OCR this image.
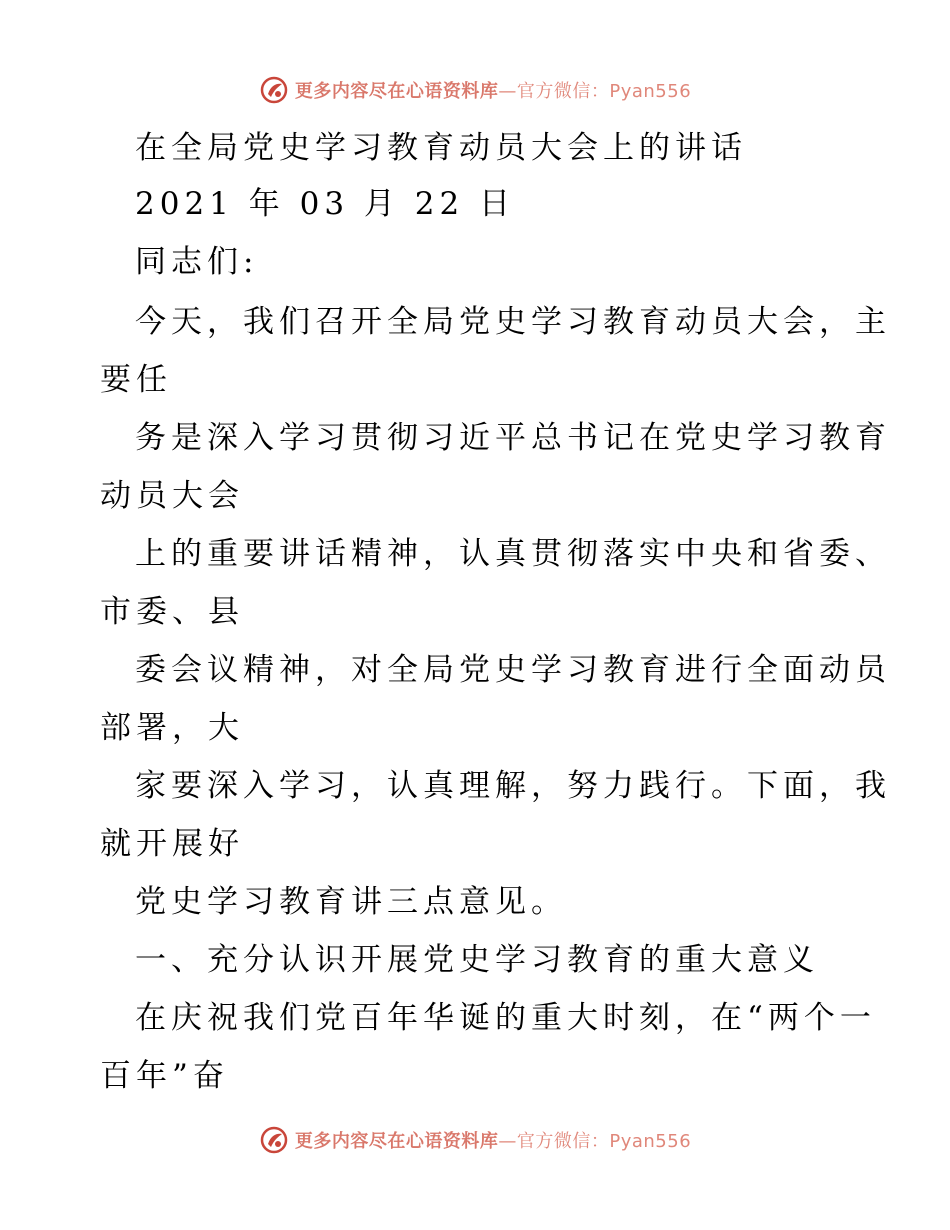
更多内容尽在心语资料库—官方微信：Pyan556
在全局党史学习教育动员大会上的讲话
2021 年 03 月 22 日
同志们:
今天，我们召开全局党史学习教育动员大会，主
要任
务是深入学习贯彻习近平总书记在党史学习教育
动员大会
上的重要讲话精神，认真贯彻落实中央和省委、
市委、县
委会议精神，对全局党史学习教育进行全面动员
部署，大
家要深入学习，认真理解，努力践行。下面，我
就开展好
党史学习教育讲三点意见。
一、充分认识开展党史学习教育的重大意义
在庆祝我们党百年华诞的重大时刻，在“两个一
百年”奋
更多内容尽在心语资料库—官方微信：Pyan556
